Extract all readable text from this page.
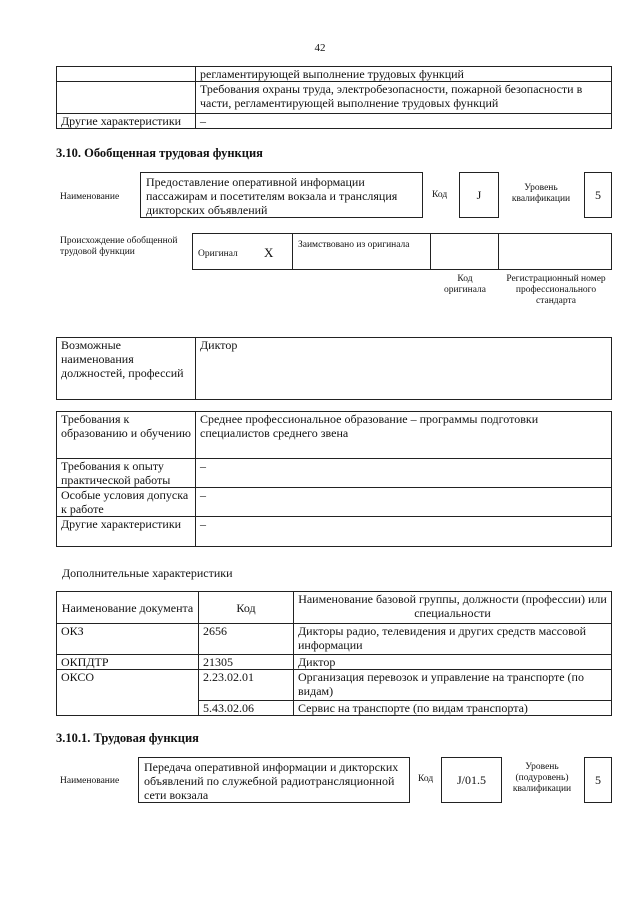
42
	регламентирующей выполнение трудовых функций
	Требования охраны труда, электробезопасности, пожарной безопасности в части, регламентирующей выполнение трудовых функций
Другие характеристики	–
3.10. Обобщенная трудовая функция
Наименование
Предоставление оперативной информации пассажирам и посетителям вокзала и трансляция дикторских объявлений
Код	J	Уровень квалификации	5
Происхождение обобщенной трудовой функции	Оригинал X	Заимствовано из оригинала
Код оригинала
Регистрационный номер профессионального стандарта
Возможные наименования должностей, профессий	Диктор
Требования к образованию и обучению	Среднее профессиональное образование – программы подготовки специалистов среднего звена
Требования к опыту практической работы	–
Особые условия допуска к работе	–
Другие характеристики	–
Дополнительные характеристики
Наименование документа	Код	Наименование базовой группы, должности (профессии) или специальности
ОКЗ	2656	Дикторы радио, телевидения и других средств массовой информации
ОКПДТР	21305	Диктор
ОКСО	2.23.02.01	Организация перевозок и управление на транспорте (по видам)
	5.43.02.06	Сервис на транспорте (по видам транспорта)
3.10.1. Трудовая функция
Наименование
Передача оперативной информации и дикторских объявлений по служебной радиотрансляционной сети вокзала
Код	J/01.5
Уровень (подуровень) квалификации
5
